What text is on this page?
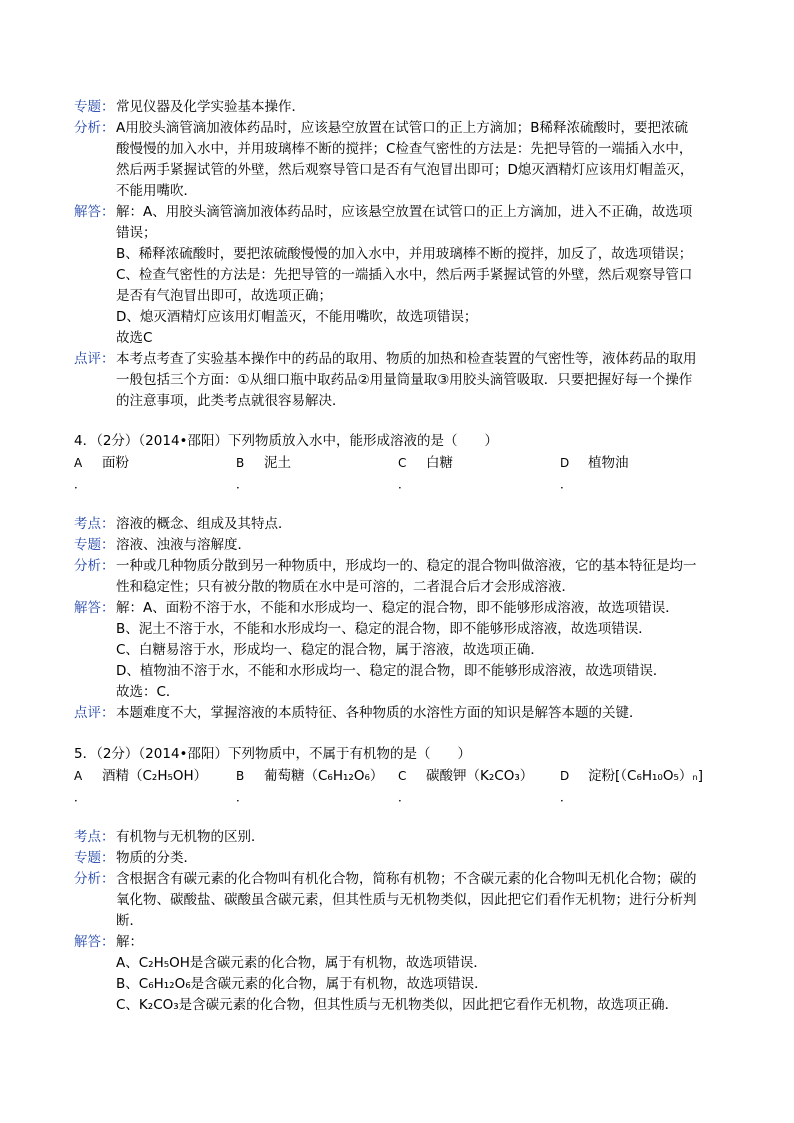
专题： 常见仪器及化学实验基本操作．
分析： A用胶头滴管滴加液体药品时，应该悬空放置在试管口的正上方滴加；B稀释浓硫酸时，要把浓硫
酸慢慢的加入水中，并用玻璃棒不断的搅拌；C检查气密性的方法是：先把导管的一端插入水中，
然后两手紧握试管的外壁，然后观察导管口是否有气泡冒出即可；D熄灭酒精灯应该用灯帽盖灭，
不能用嘴吹．
解答： 解：A、用胶头滴管滴加液体药品时，应该悬空放置在试管口的正上方滴加，进入不正确，故选项
错误；
B、稀释浓硫酸时，要把浓硫酸慢慢的加入水中，并用玻璃棒不断的搅拌，加反了，故选项错误；
C、检查气密性的方法是：先把导管的一端插入水中，然后两手紧握试管的外壁，然后观察导管口
是否有气泡冒出即可，故选项正确；
D、熄灭酒精灯应该用灯帽盖灭，不能用嘴吹，故选项错误；
故选C
点评： 本考点考查了实验基本操作中的药品的取用、物质的加热和检查装置的气密性等，液体药品的取用
一般包括三个方面：①从细口瓶中取药品②用量筒量取③用胶头滴管吸取．只要把握好每一个操作
的注意事项，此类考点就很容易解决．
4．（2分）（2014•邵阳）下列物质放入水中，能形成溶液的是（　　）
A	面粉
．
B	泥土
．
C	白糖
．
D	植物油
．
考点： 溶液的概念、组成及其特点．
专题： 溶液、浊液与溶解度．
分析： 一种或几种物质分散到另一种物质中，形成均一的、稳定的混合物叫做溶液，它的基本特征是均一
性和稳定性；只有被分散的物质在水中是可溶的，二者混合后才会形成溶液．
解答： 解：A、面粉不溶于水，不能和水形成均一、稳定的混合物，即不能够形成溶液，故选项错误．
B、泥土不溶于水，不能和水形成均一、稳定的混合物，即不能够形成溶液，故选项错误．
C、白糖易溶于水，形成均一、稳定的混合物，属于溶液，故选项正确．
D、植物油不溶于水，不能和水形成均一、稳定的混合物，即不能够形成溶液，故选项错误．
故选：C．
点评： 本题难度不大，掌握溶液的本质特征、各种物质的水溶性方面的知识是解答本题的关键．
5．（2分）（2014•邵阳）下列物质中，不属于有机物的是（　　）
A	酒精（C₂H₅OH）
．
B	葡萄糖（C₆H₁₂O₆）
．
C	碳酸钾（K₂CO₃）
．
D	淀粉[（C₆H₁₀O₅）ₙ]
．
考点： 有机物与无机物的区别．
专题： 物质的分类．
分析： 含根据含有碳元素的化合物叫有机化合物，简称有机物；不含碳元素的化合物叫无机化合物；碳的
氧化物、碳酸盐、碳酸虽含碳元素，但其性质与无机物类似，因此把它们看作无机物；进行分析判
断．
解答： 解：
A、C₂H₅OH是含碳元素的化合物，属于有机物，故选项错误．
B、C₆H₁₂O₆是含碳元素的化合物，属于有机物，故选项错误．
C、K₂CO₃是含碳元素的化合物，但其性质与无机物类似，因此把它看作无机物，故选项正确．
